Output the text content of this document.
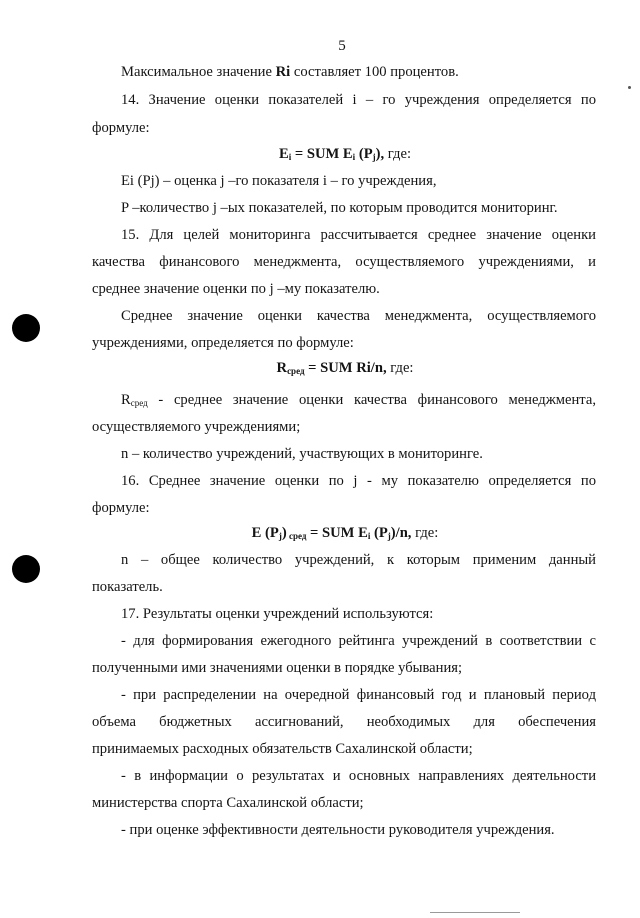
5
Максимальное значение Ri составляет 100 процентов.
14. Значение оценки показателей i – го учреждения определяется по
формуле:
$E_i$ = SUM $E_i$ $(P_j)$, где:
Ei (Pj) – оценка j –го показателя i – го учреждения,
P –количество j –ых показателей, по которым проводится мониторинг.
15. Для целей мониторинга рассчитывается среднее значение оценки
качества финансового менеджмента, осуществляемого учреждениями, и
среднее значение оценки по j –му показателю.
Среднее значение оценки качества менеджмента, осуществляемого
учреждениями, определяется по формуле:
$R_{сред}$ = SUM Ri/n, где:
$R_{сред}$ - среднее значение оценки качества финансового менеджмента,
осуществляемого учреждениями;
n – количество учреждений, участвующих в мониторинге.
16. Среднее значение оценки по j - му показателю определяется по
формуле:
E $(P_j) _{сред}$ = SUM $E_i$ $(P_j)/n$, где:
n – общее количество учреждений, к которым применим данный
показатель.
17. Результаты оценки учреждений используются:
- для формирования ежегодного рейтинга учреждений в соответствии с
полученными ими значениями оценки в порядке убывания;
- при распределении на очередной финансовый год и плановый период
объема бюджетных ассигнований, необходимых для обеспечения
принимаемых расходных обязательств Сахалинской области;
- в информации о результатах и основных направлениях деятельности
министерства спорта Сахалинской области;
- при оценке эффективности деятельности руководителя учреждения.
